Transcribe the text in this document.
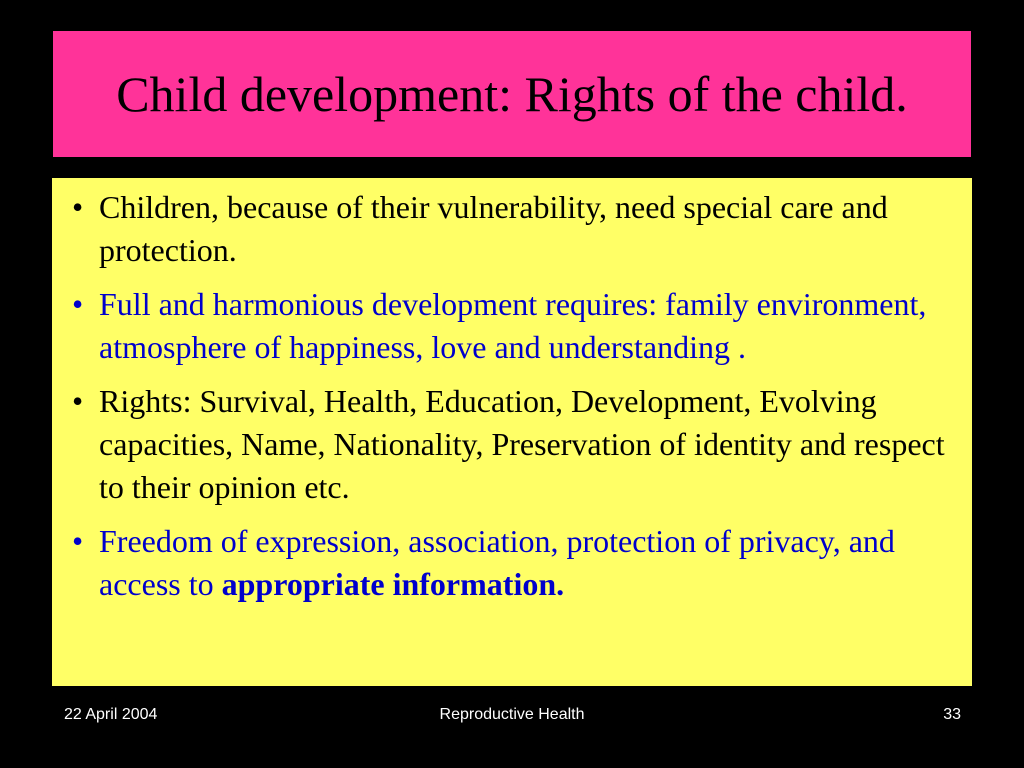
Child development: Rights of the child.
• Children, because of their vulnerability, need special care and protection.
• Full and harmonious development requires: family environment, atmosphere of happiness, love and understanding .
• Rights: Survival, Health, Education, Development, Evolving capacities, Name, Nationality, Preservation of identity and respect to their opinion etc.
• Freedom of expression, association, protection of privacy, and access to appropriate information.
22 April 2004	Reproductive Health	33
